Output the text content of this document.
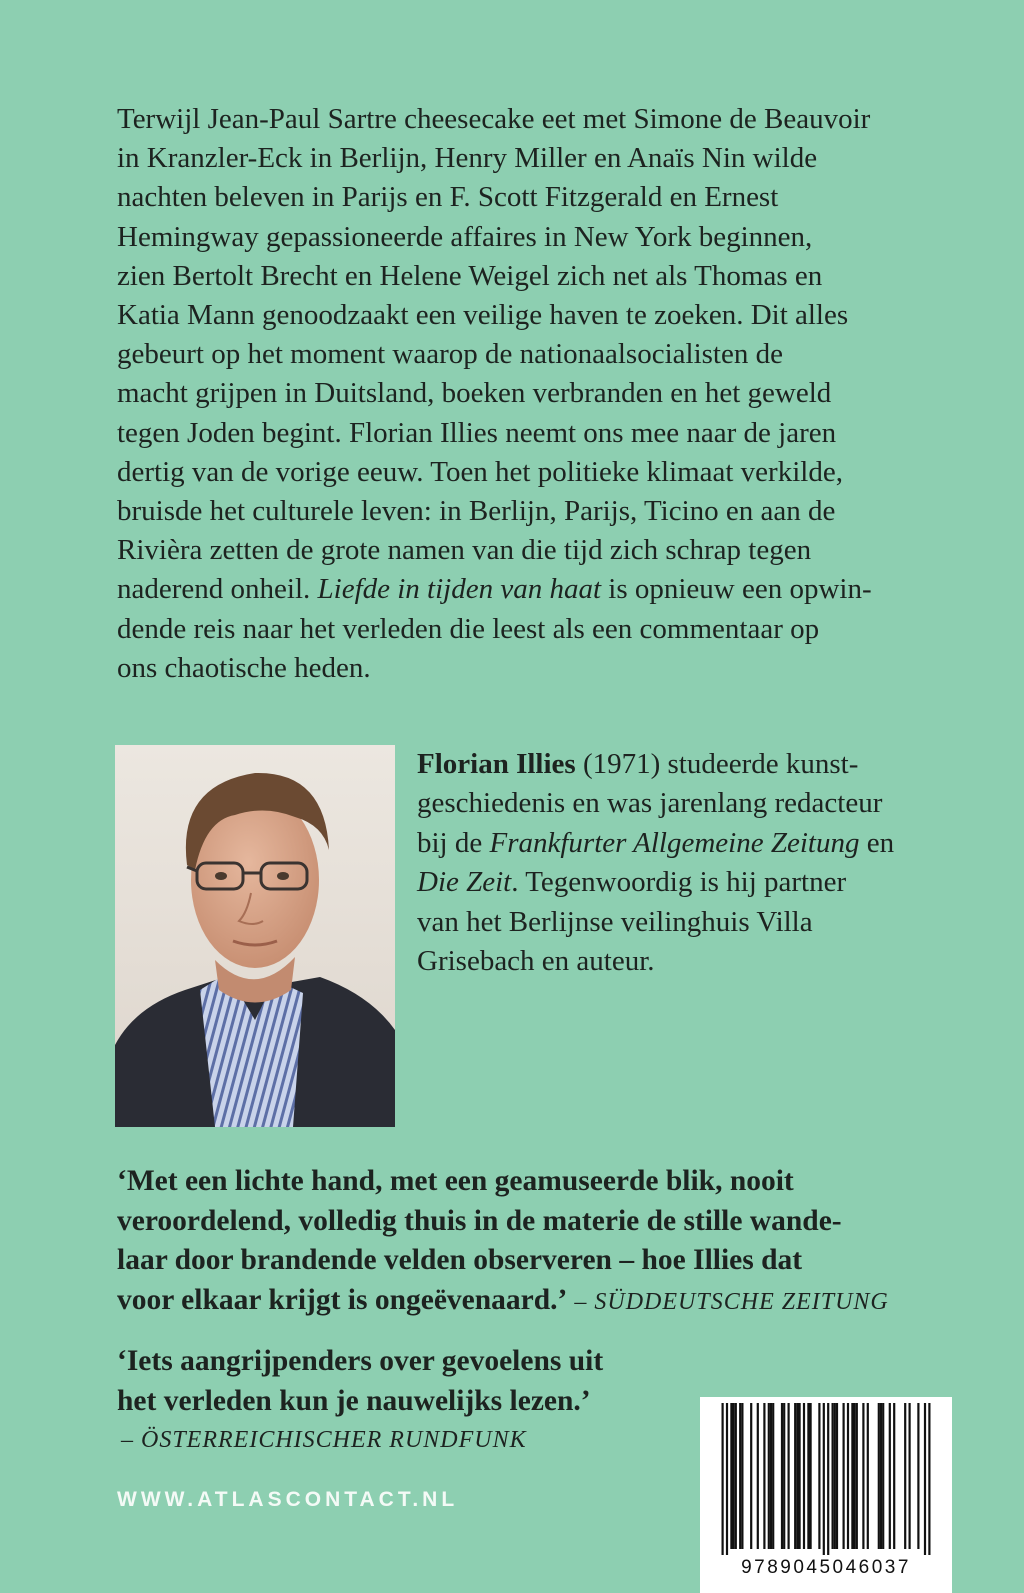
Terwijl Jean-Paul Sartre cheesecake eet met Simone de Beauvoir

in Kranzler-Eck in Berlijn, Henry Miller en Anaïs Nin wilde

nachten beleven in Parijs en F. Scott Fitzgerald en Ernest

Hemingway gepassioneerde affaires in New York beginnen,

zien Bertolt Brecht en Helene Weigel zich net als Thomas en

Katia Mann genoodzaakt een veilige haven te zoeken. Dit alles

gebeurt op het moment waarop de nationaalsocialisten de

macht grijpen in Duitsland, boeken verbranden en het geweld

tegen Joden begint. Florian Illies neemt ons mee naar de jaren

dertig van de vorige eeuw. Toen het politieke klimaat verkilde,

bruisde het culturele leven: in Berlijn, Parijs, Ticino en aan de

Rivièra zetten de grote namen van die tijd zich schrap tegen

naderend onheil. Liefde in tijden van haat is opnieuw een opwin-

dende reis naar het verleden die leest als een commentaar op

ons chaotische heden.

Florian Illies (1971) studeerde kunst-

geschiedenis en was jarenlang redacteur

bij de Frankfurter Allgemeine Zeitung en

Die Zeit. Tegenwoordig is hij partner

van het Berlijnse veilinghuis Villa

Grisebach en auteur.

‘Met een lichte hand, met een geamuseerde blik, nooit

veroordelend, volledig thuis in de materie de stille wande-

laar door brandende velden observeren – hoe Illies dat

voor elkaar krijgt is ongeëvenaard.’ – SÜDDEUTSCHE ZEITUNG

‘Iets aangrijpenders over gevoelens uit

het verleden kun je nauwelijks lezen.’

– ÖSTERREICHISCHER RUNDFUNK

WWW.ATLASCONTACT.NL
9789045046037
